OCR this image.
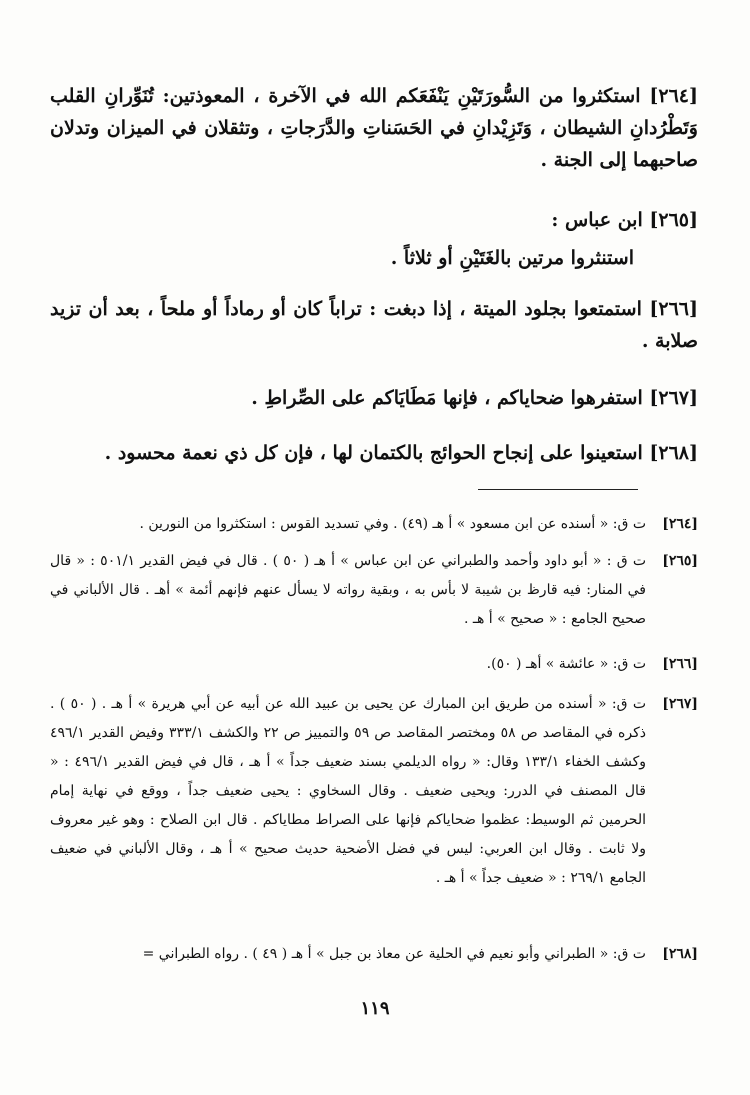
[٢٦٤] استكثروا من السُّورَتَيْنِ يَنْفَعَكم الله في الآخرة ، المعوذتين: تُنَوِّرانِ القلب وَتَطْرُدانِ الشيطان ، وَتَزِيْدانِ في الحَسَناتِ والدَّرَجاتِ ، وتثقلان في الميزان وتدلان صاحبهما إلى الجنة .
[٢٦٥] ابن عباس :
استنثروا مرتين بالغَتَيْنِ أو ثلاثاً .
[٢٦٦] استمتعوا بجلود الميتة ، إذا دبغت : تراباً كان أو رماداً أو ملحاً ، بعد أن تزيد صلابة .
[٢٦٧] استفرهوا ضحاياكم ، فإنها مَطَايَاكم على الصِّراطِ .
[٢٦٨] استعينوا على إنجاح الحوائج بالكتمان لها ، فإن كل ذي نعمة محسود .
[٢٦٤]
ت ق: « أسنده عن ابن مسعود » أ هـ (٤٩) . وفي تسديد القوس : استكثروا من النورين .
[٢٦٥]
ت ق : « أبو داود وأحمد والطبراني عن ابن عباس » أ هـ ( ٥٠ ) . قال في فيض القدير ٥٠١/١ : « قال في المنار: فيه قارظ بن شيبة لا بأس به ، وبقية رواته لا يسأل عنهم فإنهم أئمة » أهـ . قال الألباني في صحيح الجامع : « صحيح » أ هـ .
[٢٦٦]
ت ق: « عائشة » أهـ ( ٥٠).
[٢٦٧]
ت ق: « أسنده من طريق ابن المبارك عن يحيى بن عبيد الله عن أبيه عن أبي هريرة » أ هـ . ( ٥٠ ) . ذكره في المقاصد ص ٥٨ ومختصر المقاصد ص ٥٩ والتمييز ص ٢٢ والكشف ٣٣٣/١ وفيض القدير ٤٩٦/١ وكشف الخفاء ١٣٣/١ وقال: « رواه الديلمي بسند ضعيف جداً » أ هـ ، قال في فيض القدير ٤٩٦/١ : « قال المصنف في الدرر: ويحيى ضعيف . وقال السخاوي : يحيى ضعيف جداً ، ووقع في نهاية إمام الحرمين ثم الوسيط: عظموا ضحاياكم فإنها على الصراط مطاياكم . قال ابن الصلاح : وهو غير معروف ولا ثابت . وقال ابن العربي: ليس في فضل الأضحية حديث صحيح » أ هـ ، وقال الألباني في ضعيف الجامع ٢٦٩/١ : « ضعيف جداً » أ هـ .
[٢٦٨]
ت ق: « الطبراني وأبو نعيم في الحلية عن معاذ بن جبل » أ هـ ( ٤٩ ) . رواه الطبراني =
١١٩
